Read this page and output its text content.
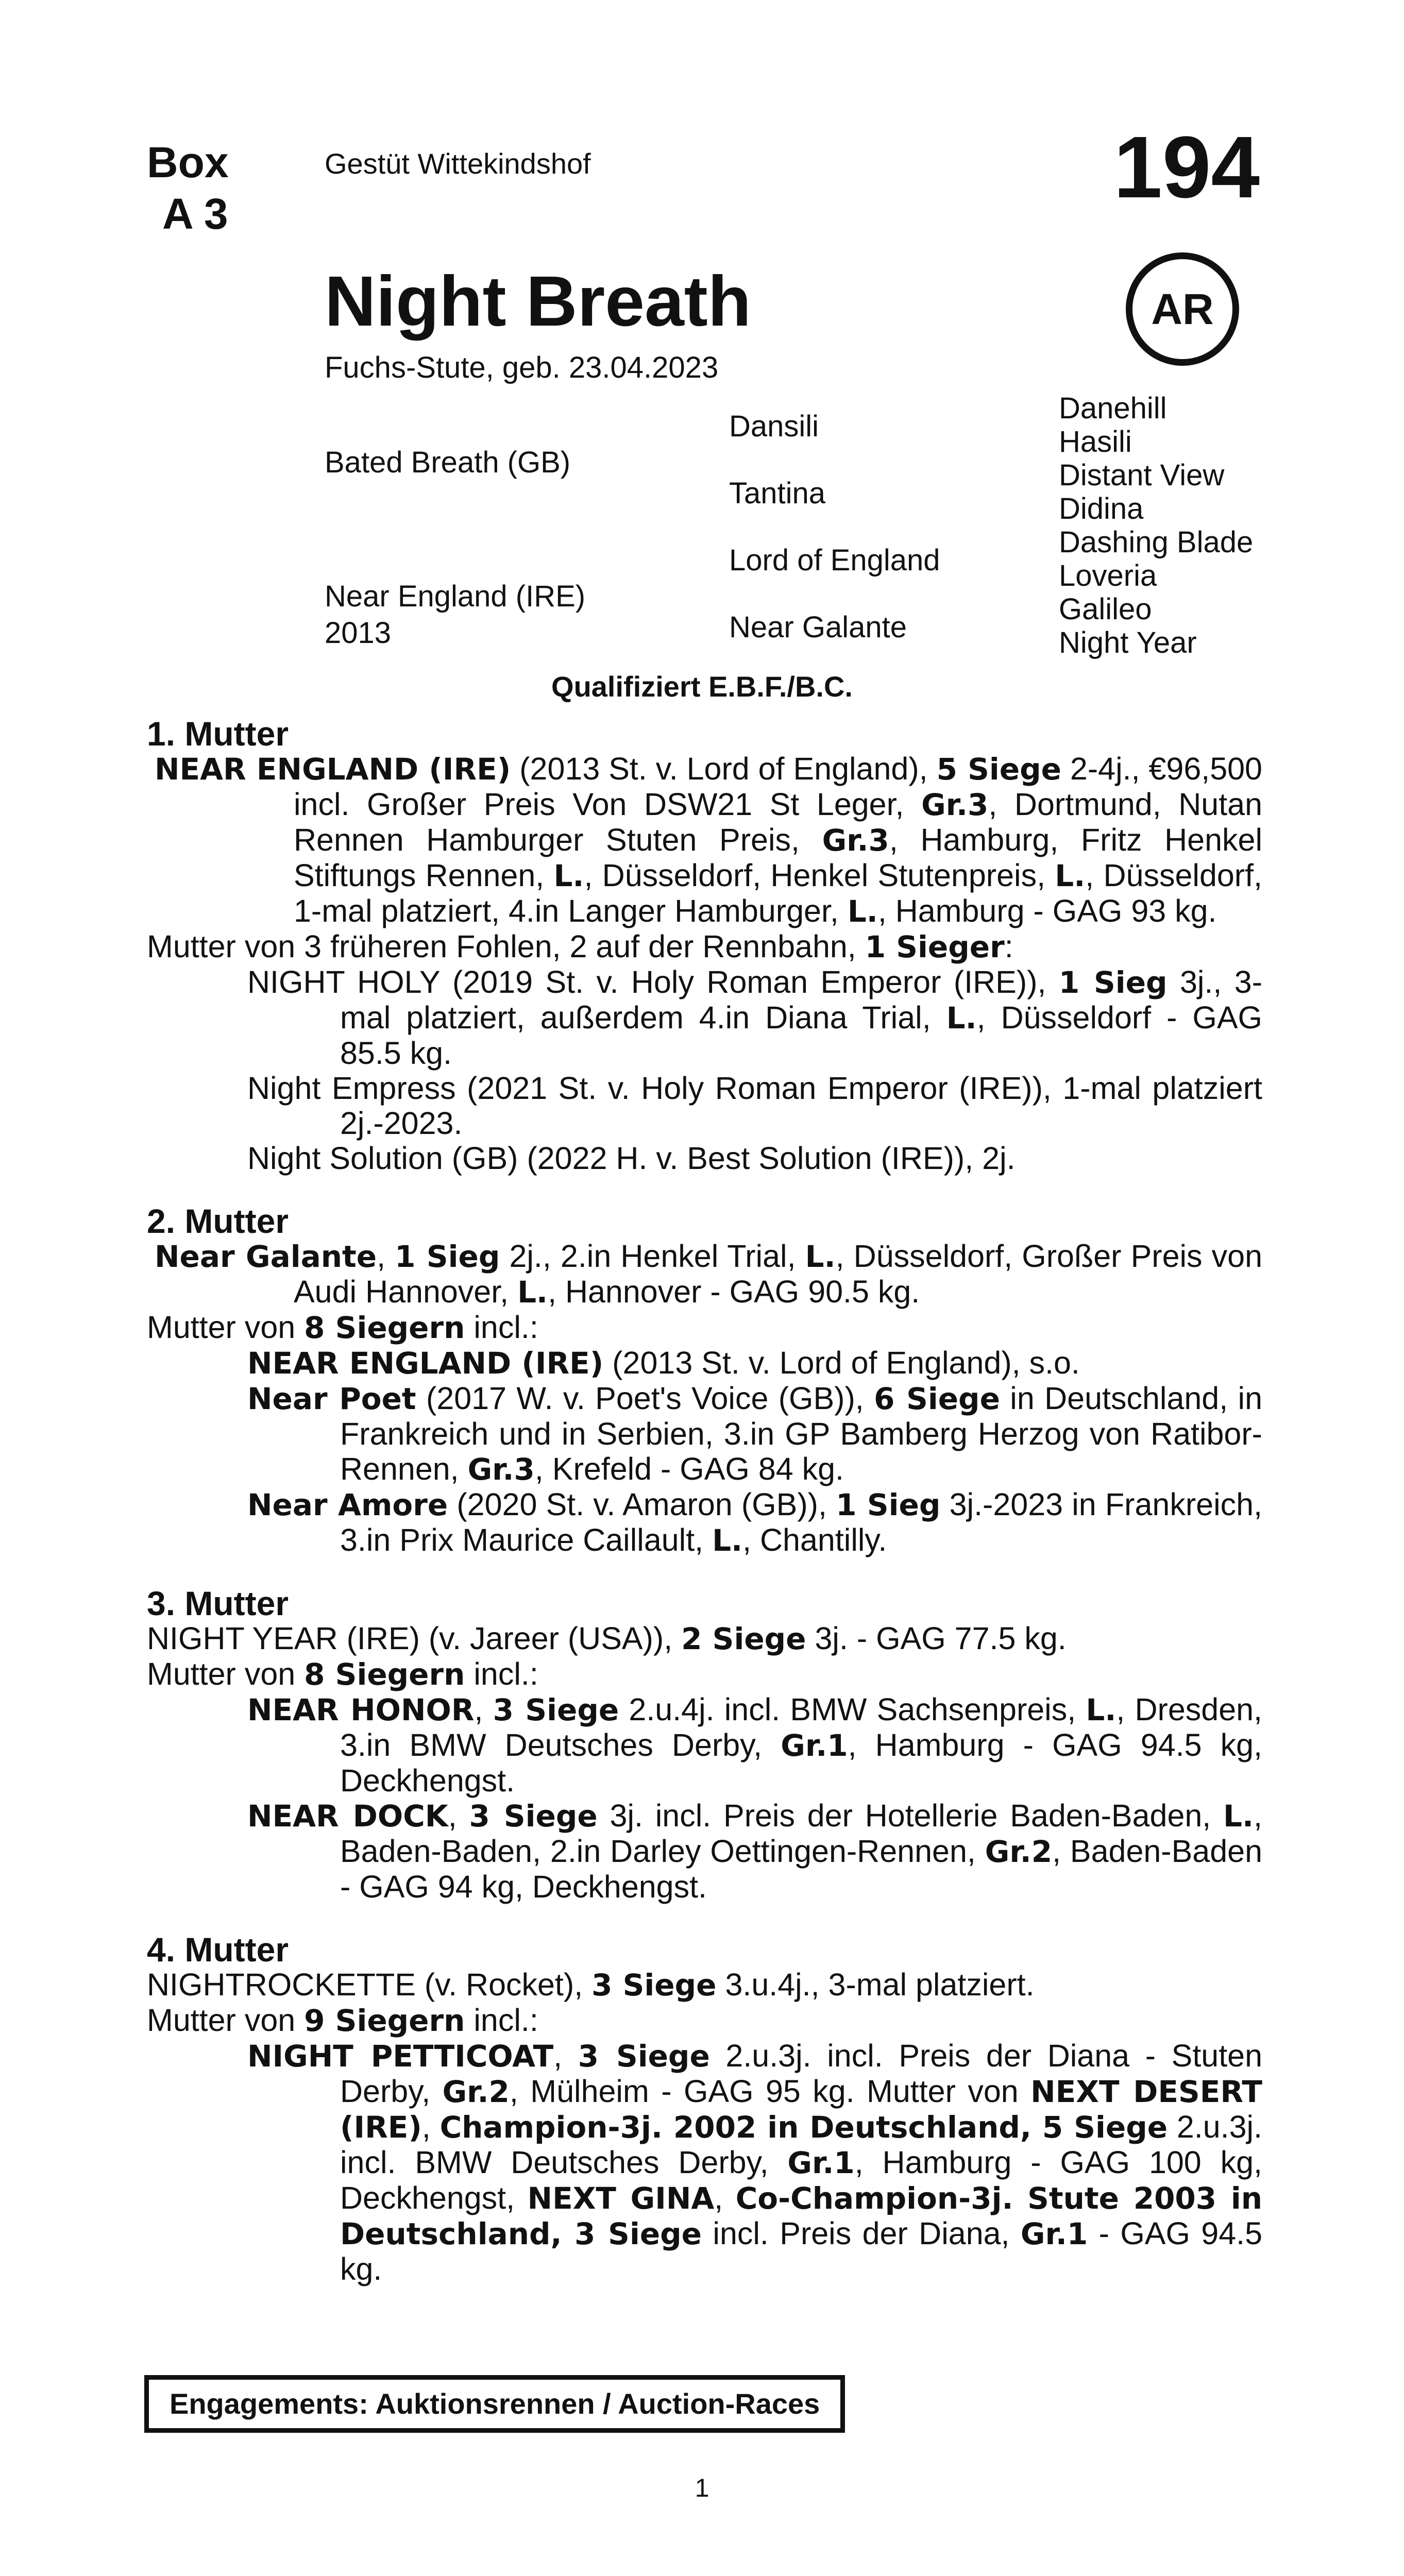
Box
A 3
Gestüt Wittekindshof	194
AR
Night Breath
Fuchs-Stute, geb. 23.04.2023
Bated Breath (GB)
Near England (IRE)
2013
Dansili
Tantina
Lord of England
Near Galante
Danehill
Hasili
Distant View
Didina
Dashing Blade
Loveria
Galileo
Night Year
Qualifiziert E.B.F./B.C.
1. Mutter
NEAR ENGLAND (IRE) (2013 St. v. Lord of England), 5 Siege 2-4j., €96,500 incl. Großer Preis Von DSW21 St Leger, Gr.3, Dortmund, Nutan Rennen Hamburger Stuten Preis, Gr.3, Hamburg, Fritz Henkel Stiftungs Rennen, L., Düsseldorf, Henkel Stutenpreis, L., Düsseldorf, 1-mal platziert, 4.in Langer Hamburger, L., Hamburg - GAG 93 kg.
Mutter von 3 früheren Fohlen, 2 auf der Rennbahn, 1 Sieger:
NIGHT HOLY (2019 St. v. Holy Roman Emperor (IRE)), 1 Sieg 3j., 3-mal platziert, außerdem 4.in Diana Trial, L., Düsseldorf - GAG 85.5 kg.
Night Empress (2021 St. v. Holy Roman Emperor (IRE)), 1-mal platziert 2j.-2023.
Night Solution (GB) (2022 H. v. Best Solution (IRE)), 2j.
2. Mutter
Near Galante, 1 Sieg 2j., 2.in Henkel Trial, L., Düsseldorf, Großer Preis von Audi Hannover, L., Hannover - GAG 90.5 kg.
Mutter von 8 Siegern incl.:
NEAR ENGLAND (IRE) (2013 St. v. Lord of England), s.o.
Near Poet (2017 W. v. Poet's Voice (GB)), 6 Siege in Deutschland, in Frankreich und in Serbien, 3.in GP Bamberg Herzog von Ratibor-Rennen, Gr.3, Krefeld - GAG 84 kg.
Near Amore (2020 St. v. Amaron (GB)), 1 Sieg 3j.-2023 in Frankreich, 3.in Prix Maurice Caillault, L., Chantilly.
3. Mutter
NIGHT YEAR (IRE) (v. Jareer (USA)), 2 Siege 3j. - GAG 77.5 kg.
Mutter von 8 Siegern incl.:
NEAR HONOR, 3 Siege 2.u.4j. incl. BMW Sachsenpreis, L., Dresden, 3.in BMW Deutsches Derby, Gr.1, Hamburg - GAG 94.5 kg, Deckhengst.
NEAR DOCK, 3 Siege 3j. incl. Preis der Hotellerie Baden-Baden, L., Baden-Baden, 2.in Darley Oettingen-Rennen, Gr.2, Baden-Baden - GAG 94 kg, Deckhengst.
4. Mutter
NIGHTROCKETTE (v. Rocket), 3 Siege 3.u.4j., 3-mal platziert.
Mutter von 9 Siegern incl.:
NIGHT PETTICOAT, 3 Siege 2.u.3j. incl. Preis der Diana - Stuten Derby, Gr.2, Mülheim - GAG 95 kg. Mutter von NEXT DESERT (IRE), Champion-3j. 2002 in Deutschland, 5 Siege 2.u.3j. incl. BMW Deutsches Derby, Gr.1, Hamburg - GAG 100 kg, Deckhengst, NEXT GINA, Co-Champion-3j. Stute 2003 in Deutschland, 3 Siege incl. Preis der Diana, Gr.1 - GAG 94.5 kg.
Engagements: Auktionsrennen / Auction-Races
1
